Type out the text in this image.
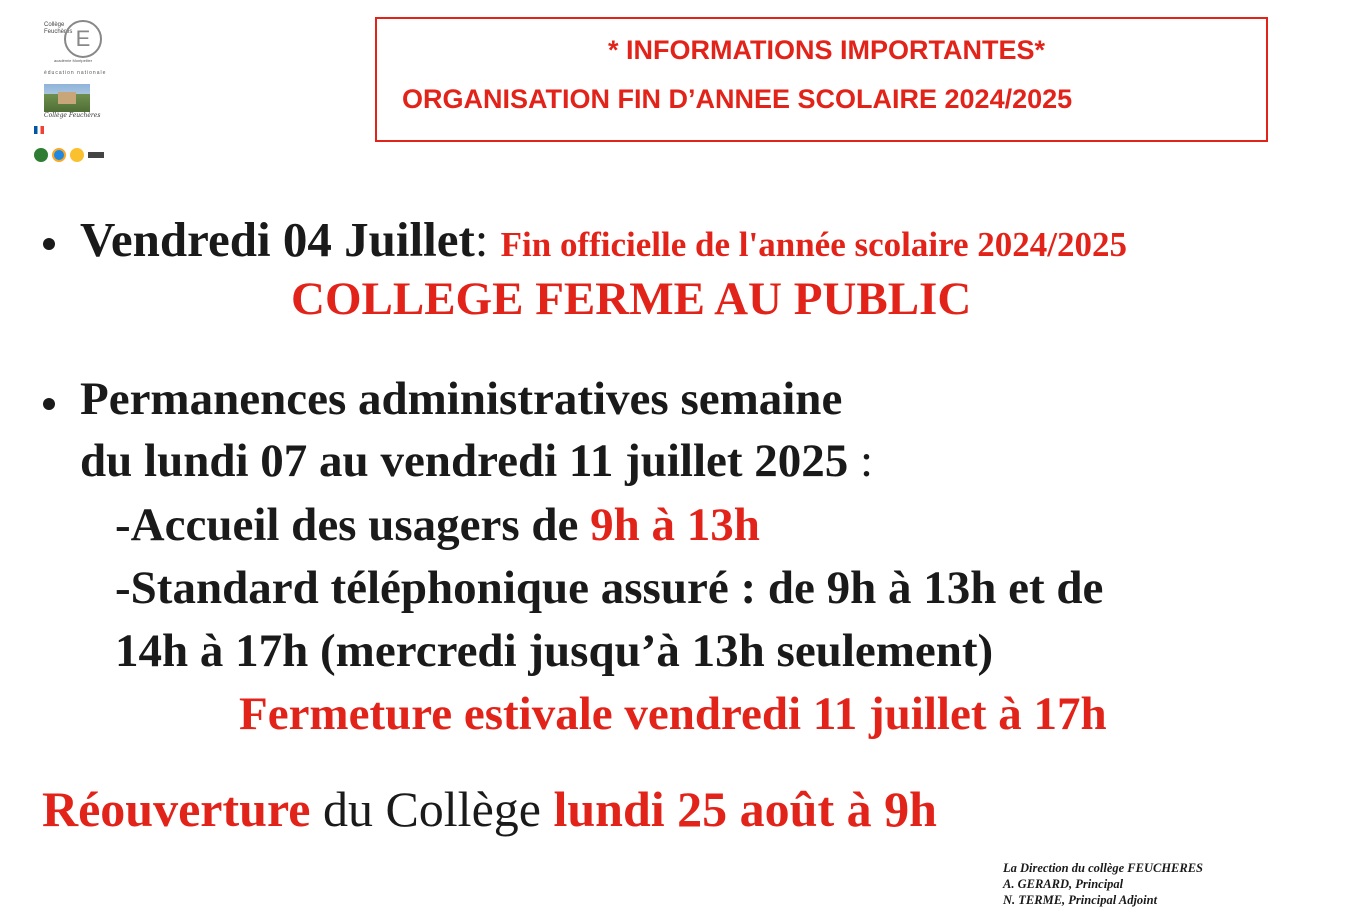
Collège Feuchères E
académie Montpellier
éducation nationale
Collège Feuchères
* INFORMATIONS IMPORTANTES*
ORGANISATION FIN D’ANNEE SCOLAIRE 2024/2025
Vendredi 04 Juillet: Fin officielle de l'année scolaire 2024/2025
COLLEGE FERME AU PUBLIC
Permanences administratives semaine
du lundi 07 au vendredi 11 juillet 2025 :
-Accueil des usagers de 9h à 13h
-Standard téléphonique assuré : de 9h à 13h et de
14h à 17h (mercredi jusqu’à 13h seulement)
Fermeture estivale vendredi 11 juillet à 17h
Réouverture du Collège lundi 25 août à 9h
La Direction du collège FEUCHERES
A. GERARD, Principal
N. TERME, Principal Adjoint
